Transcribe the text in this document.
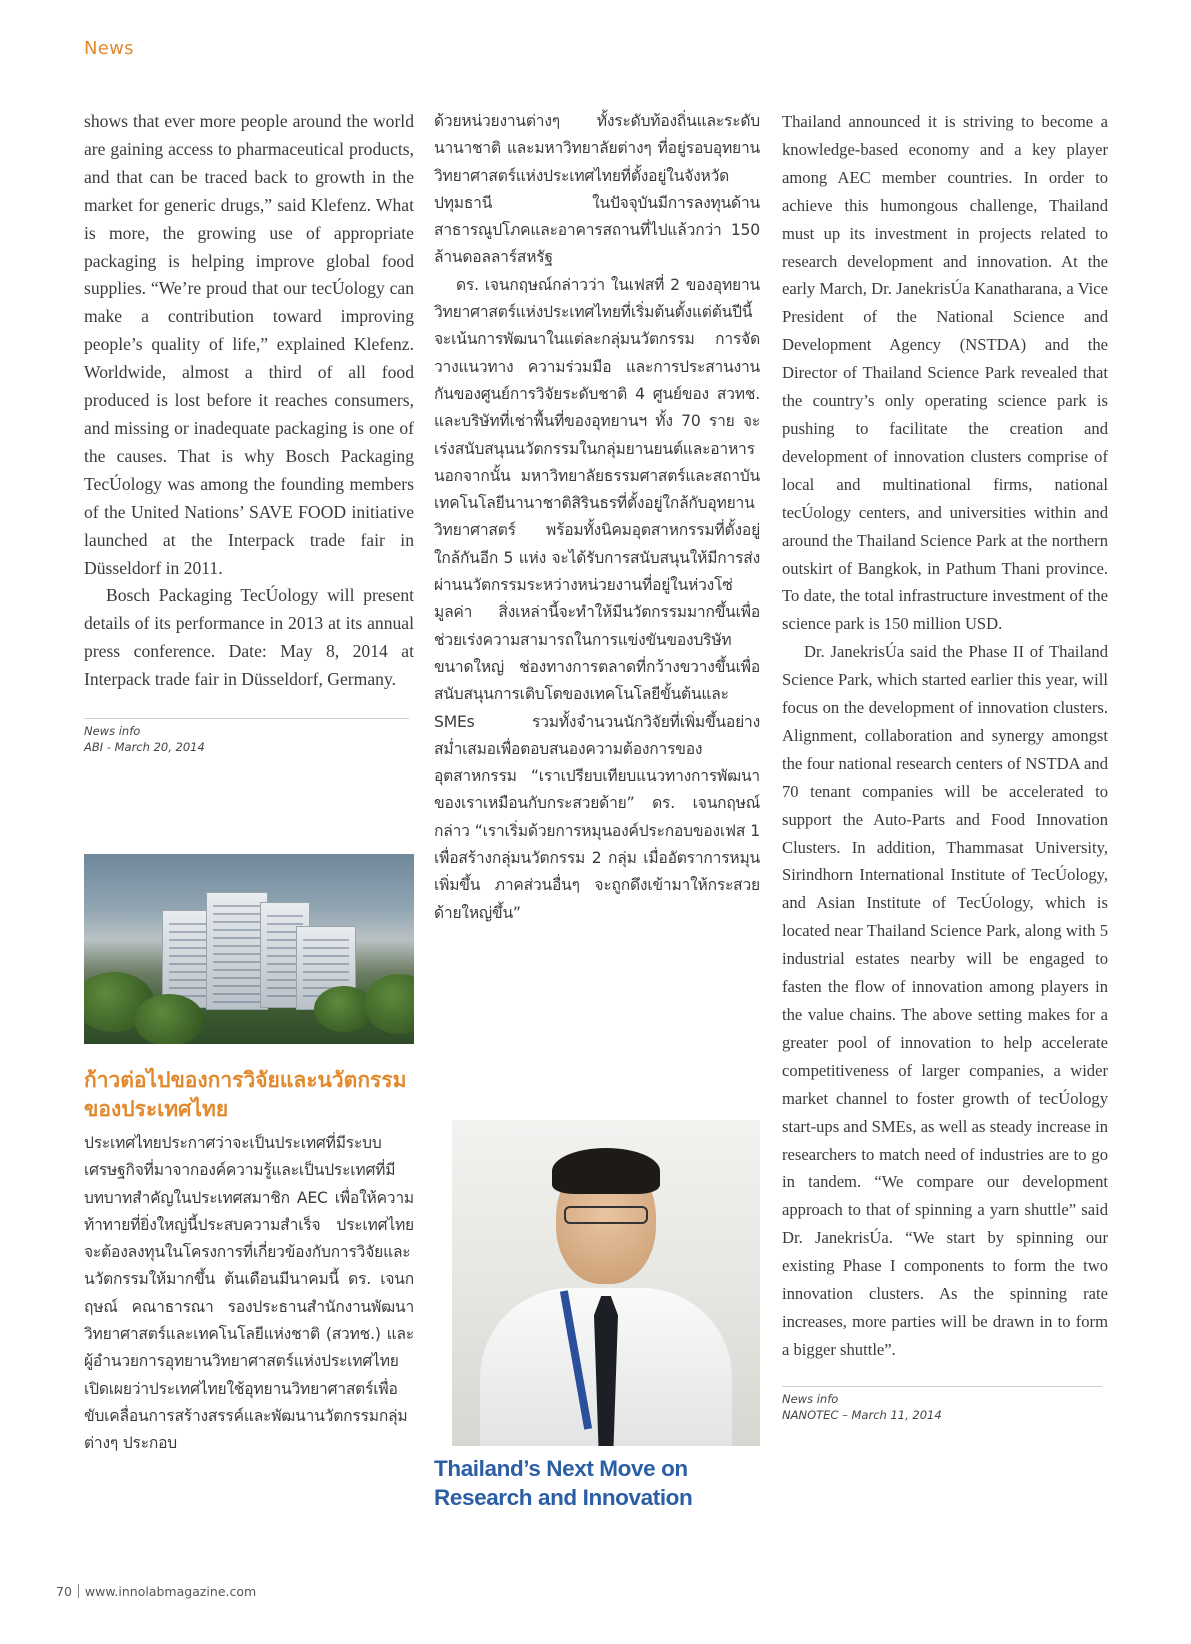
News

shows that ever more people around the world are gaining access to pharmaceutical products, and that can be traced back to growth in the market for generic drugs,” said Klefenz. What is more, the growing use of appropriate packaging is helping improve global food supplies. “We’re proud that our tecÚology can make a contribution toward improving people’s quality of life,” explained Klefenz. Worldwide, almost a third of all food produced is lost before it reaches consumers, and missing or inadequate packaging is one of the causes. That is why Bosch Packaging TecÚology was among the founding members of the United Nations’ SAVE FOOD initiative launched at the Interpack trade fair in Düsseldorf in 2011.

Bosch Packaging TecÚology will present details of its performance in 2013 at its annual press conference. Date: May 8, 2014 at Interpack trade fair in Düsseldorf, Germany.

News info
ABI - March 20, 2014
ก้าวต่อไปของการวิจัยและนวัตกรรมของประเทศไทย
ประเทศไทยประกาศว่าจะเป็นประเทศที่มีระบบเศรษฐกิจที่มาจากองค์ความรู้และเป็นประเทศที่มีบทบาทสำคัญในประเทศสมาชิก AEC เพื่อให้ความท้าทายที่ยิ่งใหญ่นี้ประสบความสำเร็จ ประเทศไทยจะต้องลงทุนในโครงการที่เกี่ยวข้องกับการวิจัยและนวัตกรรมให้มากขึ้น ต้นเดือนมีนาคมนี้ ดร. เจนกฤษณ์ คณาธารณา รองประธานสำนักงานพัฒนาวิทยาศาสตร์และเทคโนโลยีแห่งชาติ (สวทช.) และผู้อำนวยการอุทยานวิทยาศาสตร์แห่งประเทศไทย เปิดเผยว่าประเทศไทยใช้อุทยานวิทยาศาสตร์เพื่อขับเคลื่อนการสร้างสรรค์และพัฒนานวัตกรรมกลุ่มต่างๆ ประกอบ

ด้วยหน่วยงานต่างๆ ทั้งระดับท้องถิ่นและระดับนานาชาติ และมหาวิทยาลัยต่างๆ ที่อยู่รอบอุทยานวิทยาศาสตร์แห่งประเทศไทยที่ตั้งอยู่ในจังหวัดปทุมธานี ในปัจจุบันมีการลงทุนด้านสาธารณูปโภคและอาคารสถานที่ไปแล้วกว่า 150 ล้านดอลลาร์สหรัฐ

ดร. เจนกฤษณ์กล่าวว่า ในเฟสที่ 2 ของอุทยานวิทยาศาสตร์แห่งประเทศไทยที่เริ่มต้นตั้งแต่ต้นปีนี้จะเน้นการพัฒนาในแต่ละกลุ่มนวัตกรรม การจัดวางแนวทาง ความร่วมมือ และการประสานงานกันของศูนย์การวิจัยระดับชาติ 4 ศูนย์ของ สวทช. และบริษัทที่เช่าพื้นที่ของอุทยานฯ ทั้ง 70 ราย จะเร่งสนับสนุนนวัตกรรมในกลุ่มยานยนต์และอาหาร นอกจากนั้น มหาวิทยาลัยธรรมศาสตร์และสถาบันเทคโนโลยีนานาชาติสิรินธรที่ตั้งอยู่ใกล้กับอุทยานวิทยาศาสตร์ พร้อมทั้งนิคมอุตสาหกรรมที่ตั้งอยู่ใกล้กันอีก 5 แห่ง จะได้รับการสนับสนุนให้มีการส่งผ่านนวัตกรรมระหว่างหน่วยงานที่อยู่ในห่วงโซ่มูลค่า สิ่งเหล่านี้จะทำให้มีนวัตกรรมมากขึ้นเพื่อช่วยเร่งความสามารถในการแข่งขันของบริษัทขนาดใหญ่ ช่องทางการตลาดที่กว้างขวางขึ้นเพื่อสนับสนุนการเติบโตของเทคโนโลยีขั้นต้นและ SMEs รวมทั้งจำนวนนักวิจัยที่เพิ่มขึ้นอย่างสม่ำเสมอเพื่อตอบสนองความต้องการของอุตสาหกรรม “เราเปรียบเทียบแนวทางการพัฒนาของเราเหมือนกับกระสวยด้าย” ดร. เจนกฤษณ์กล่าว “เราเริ่มด้วยการหมุนองค์ประกอบของเฟส 1 เพื่อสร้างกลุ่มนวัตกรรม 2 กลุ่ม เมื่ออัตราการหมุนเพิ่มขึ้น ภาคส่วนอื่นๆ จะถูกดึงเข้ามาให้กระสวยด้ายใหญ่ขึ้น”

Thailand’s Next Move on Research and Innovation

Thailand announced it is striving to become a knowledge-based economy and a key player among AEC member countries. In order to achieve this humongous challenge, Thailand must up its investment in projects related to research development and innovation. At the early March, Dr. JanekrisÚa Kanatharana, a Vice President of the National Science and Development Agency (NSTDA) and the Director of Thailand Science Park revealed that the country’s only operating science park is pushing to facilitate the creation and development of innovation clusters comprise of local and multinational firms, national tecÚology centers, and universities within and around the Thailand Science Park at the northern outskirt of Bangkok, in Pathum Thani province. To date, the total infrastructure investment of the science park is 150 million USD.

Dr. JanekrisÚa said the Phase II of Thailand Science Park, which started earlier this year, will focus on the development of innovation clusters. Alignment, collaboration and synergy amongst the four national research centers of NSTDA and 70 tenant companies will be accelerated to support the Auto-Parts and Food Innovation Clusters. In addition, Thammasat University, Sirindhorn International Institute of TecÚology, and Asian Institute of TecÚology, which is located near Thailand Science Park, along with 5 industrial estates nearby will be engaged to fasten the flow of innovation among players in the value chains. The above setting makes for a greater pool of innovation to help accelerate competitiveness of larger companies, a wider market channel to foster growth of tecÚology start-ups and SMEs, as well as steady increase in researchers to match need of industries are to go in tandem. “We compare our development approach to that of spinning a yarn shuttle” said Dr. JanekrisÚa. “We start by spinning our existing Phase I components to form the two innovation clusters. As the spinning rate increases, more parties will be drawn in to form a bigger shuttle”.

News info
NANOTEC – March 11, 2014
70 www.innolabmagazine.com
